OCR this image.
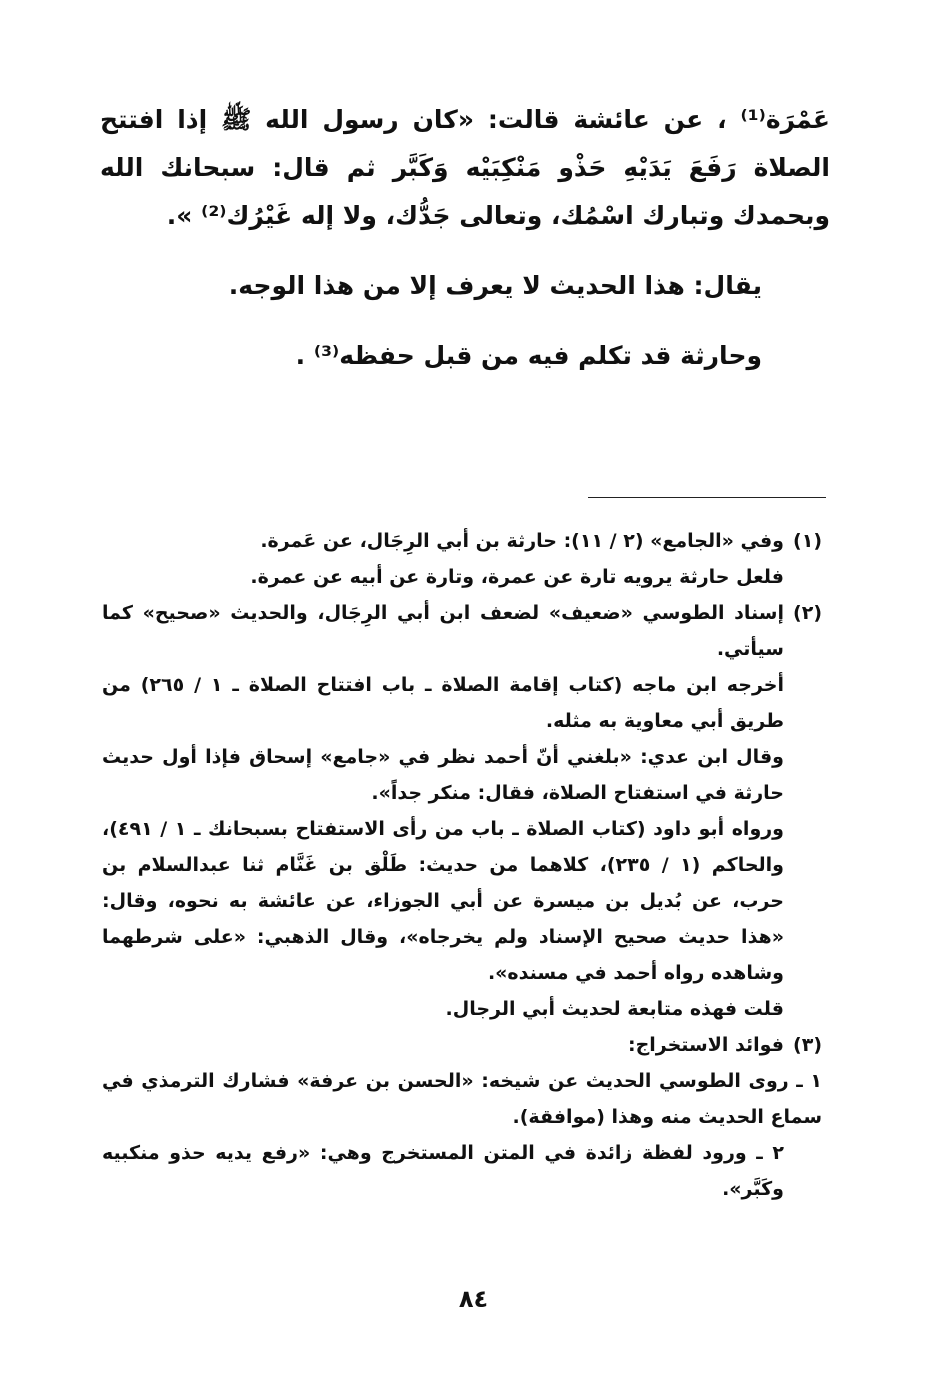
عَمْرَة⁽¹⁾ ، عن عائشة قالت: «كان رسول الله ﷺ إذا افتتح الصلاة رَفَعَ يَدَيْهِ حَذْو مَنْكِبَيْه وَكَبَّر ثم قال: سبحانك الله وبحمدك وتبارك اسْمُك، وتعالى جَدُّك، ولا إله غَيْرُك⁽²⁾ ».

يقال: هذا الحديث لا يعرف إلا من هذا الوجه.

وحارثة قد تكلم فيه من قبل حفظه⁽³⁾ .

(١)

وفي «الجامع» (٢ / ١١): حارثة بن أبي الرِجَال، عن عَمرة.

فلعل حارثة يرويه تارة عن عمرة، وتارة عن أبيه عن عمرة.

(٢)

إسناد الطوسي «ضعيف» لضعف ابن أبي الرِجَال، والحديث «صحيح» كما سيأتي.

أخرجه ابن ماجه (كتاب إقامة الصلاة ـ باب افتتاح الصلاة ـ ١ / ٢٦٥) من طريق أبي معاوية به مثله.

وقال ابن عدي: «بلغني أنّ أحمد نظر في «جامع» إسحاق فإذا أول حديث حارثة في استفتاح الصلاة، فقال: منكر جداً».

ورواه أبو داود (كتاب الصلاة ـ باب من رأى الاستفتاح بسبحانك ـ ١ / ٤٩١)، والحاكم (١ / ٢٣٥)، كلاهما من حديث: طَلْق بن غَنَّام ثنا عبدالسلام بن حرب، عن بُديل بن ميسرة عن أبي الجوزاء، عن عائشة به نحوه، وقال: «هذا حديث صحيح الإسناد ولم يخرجاه»، وقال الذهبي: «على شرطهما وشاهده رواه أحمد في مسنده».

قلت فهذه متابعة لحديث أبي الرجال.

(٣)

فوائد الاستخراج:

١ ـ روى الطوسي الحديث عن شيخه: «الحسن بن عرفة» فشارك الترمذي في سماع الحديث منه وهذا (موافقة).

٢ ـ ورود لفظة زائدة في المتن المستخرج وهي: «رفع يديه حذو منكبيه وكَبَّر».

٨٤
